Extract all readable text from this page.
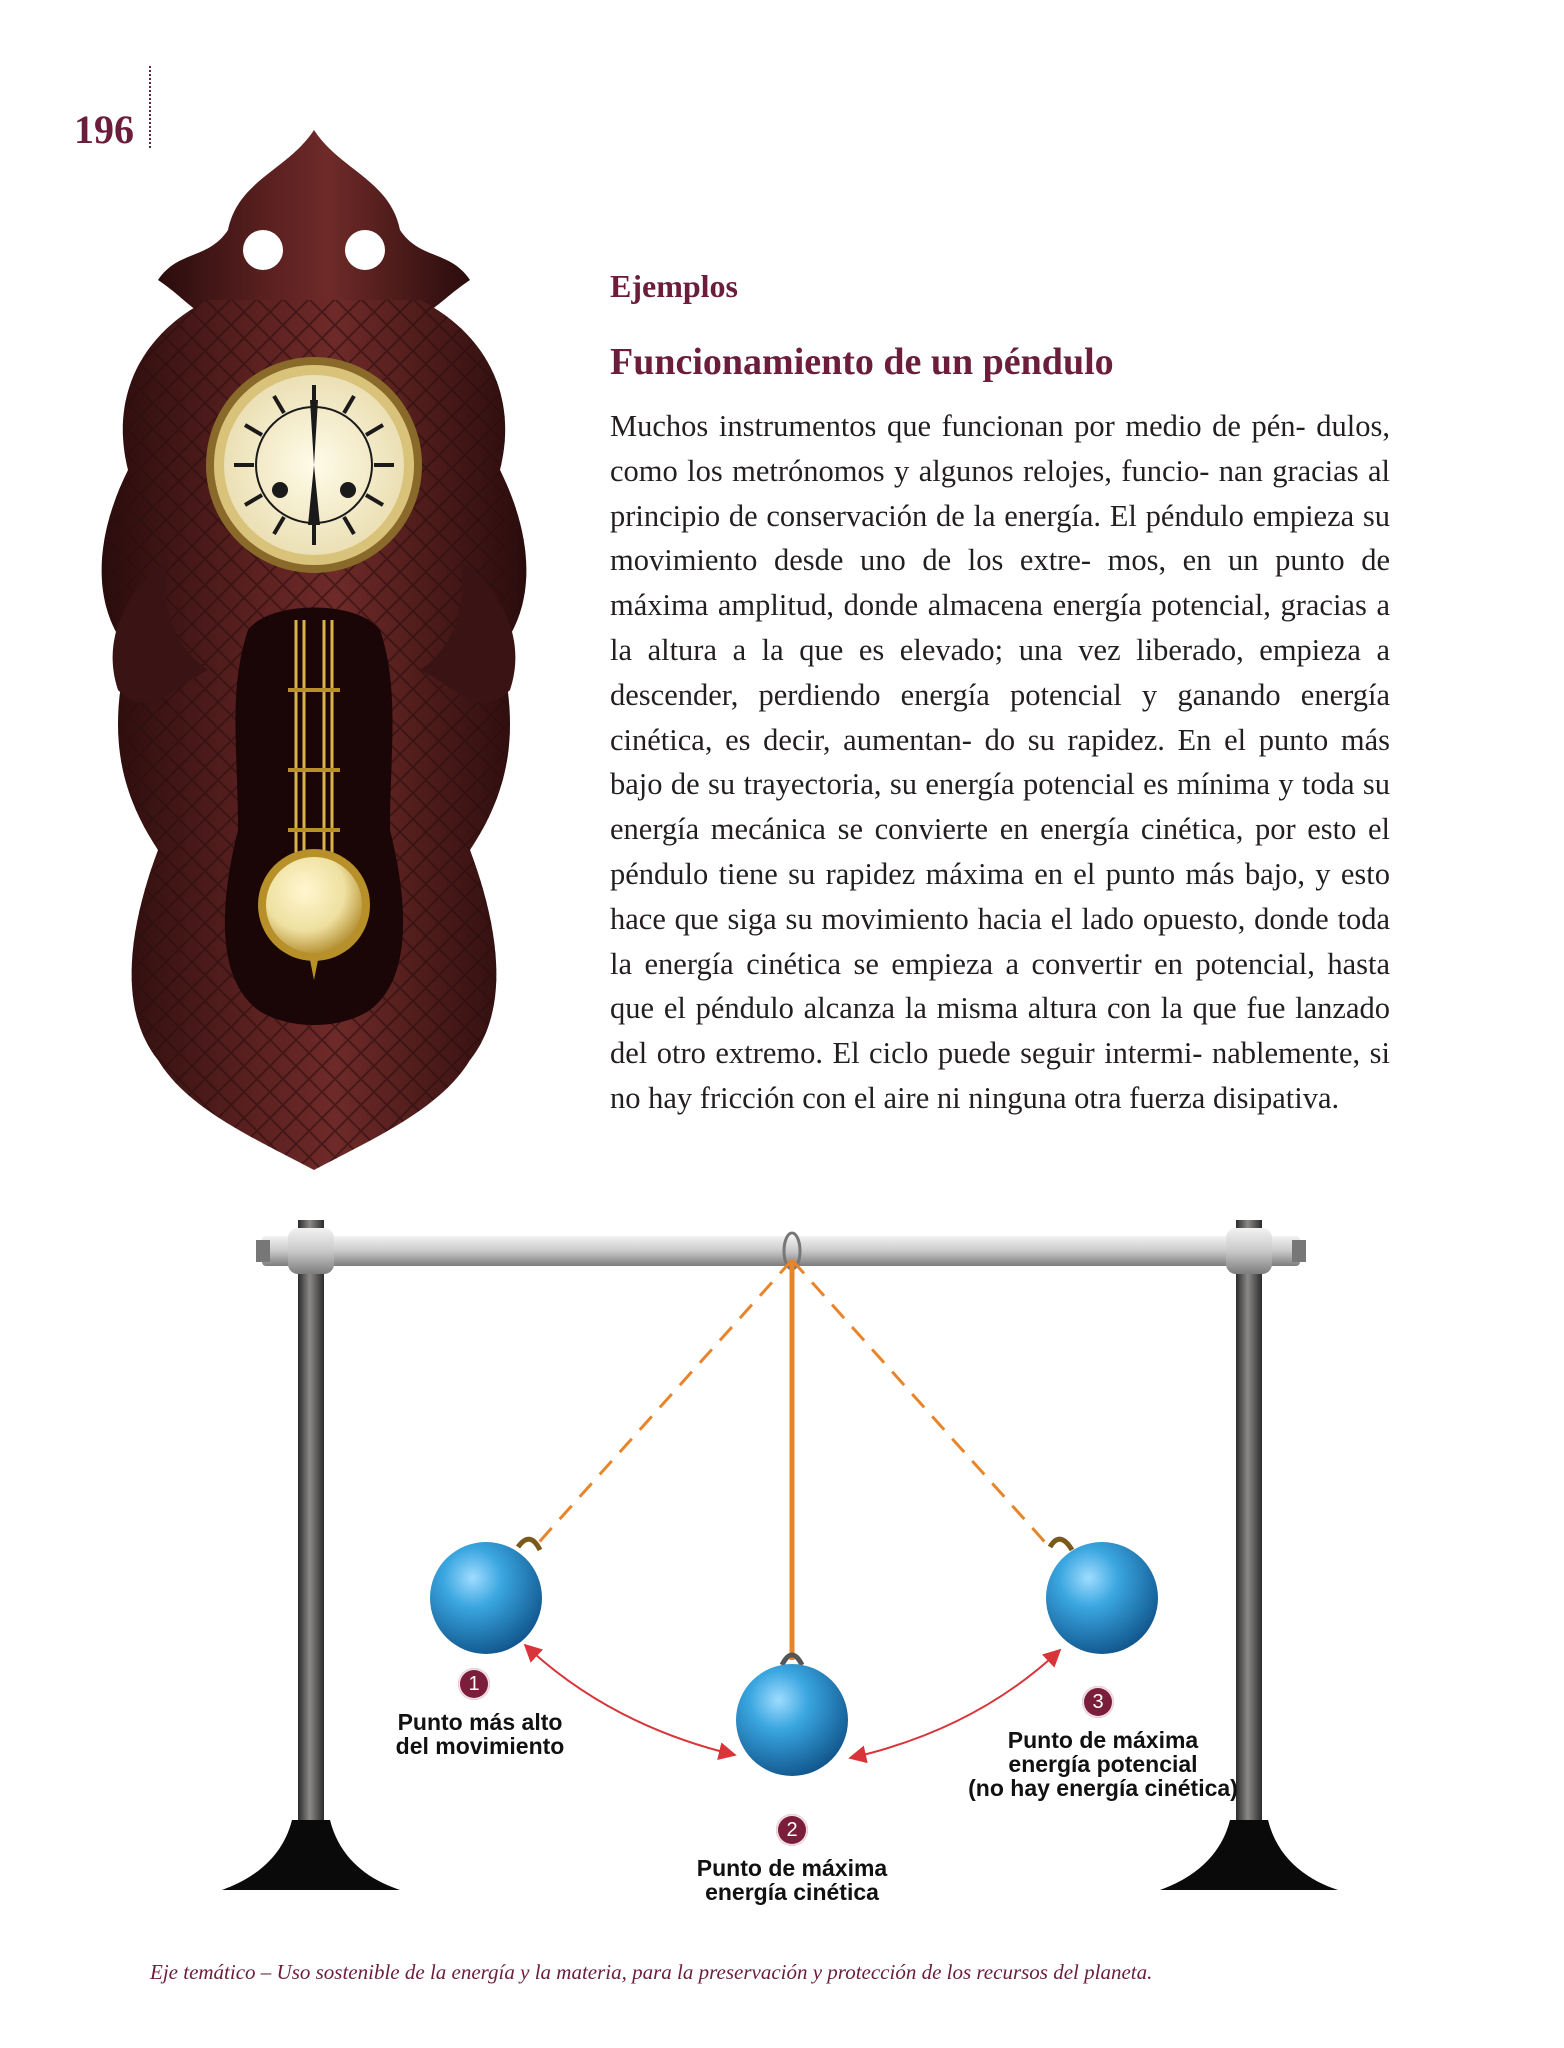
196
Ejemplos
Funcionamiento de un péndulo

Muchos instrumentos que funcionan por medio de pén- dulos, como los metrónomos y algunos relojes, funcio- nan gracias al principio de conservación de la energía. El péndulo empieza su movimiento desde uno de los extre- mos, en un punto de máxima amplitud, donde almacena energía potencial, gracias a la altura a la que es elevado; una vez liberado, empieza a descender, perdiendo energía potencial y ganando energía cinética, es decir, aumentan- do su rapidez. En el punto más bajo de su trayectoria, su energía potencial es mínima y toda su energía mecánica se convierte en energía cinética, por esto el péndulo tiene su rapidez máxima en el punto más bajo, y esto hace que siga su movimiento hacia el lado opuesto, donde toda la energía cinética se empieza a convertir en potencial, hasta que el péndulo alcanza la misma altura con la que fue lanzado del otro extremo. El ciclo puede seguir intermi- nablemente, si no hay fricción con el aire ni ninguna otra fuerza disipativa.

1
Punto más alto
del movimiento
2
Punto de máxima
energía cinética
3
Punto de máxima
energía potencial
(no hay energía cinética)
Eje temático – Uso sostenible de la energía y la materia, para la preservación y protección de los recursos del planeta.
